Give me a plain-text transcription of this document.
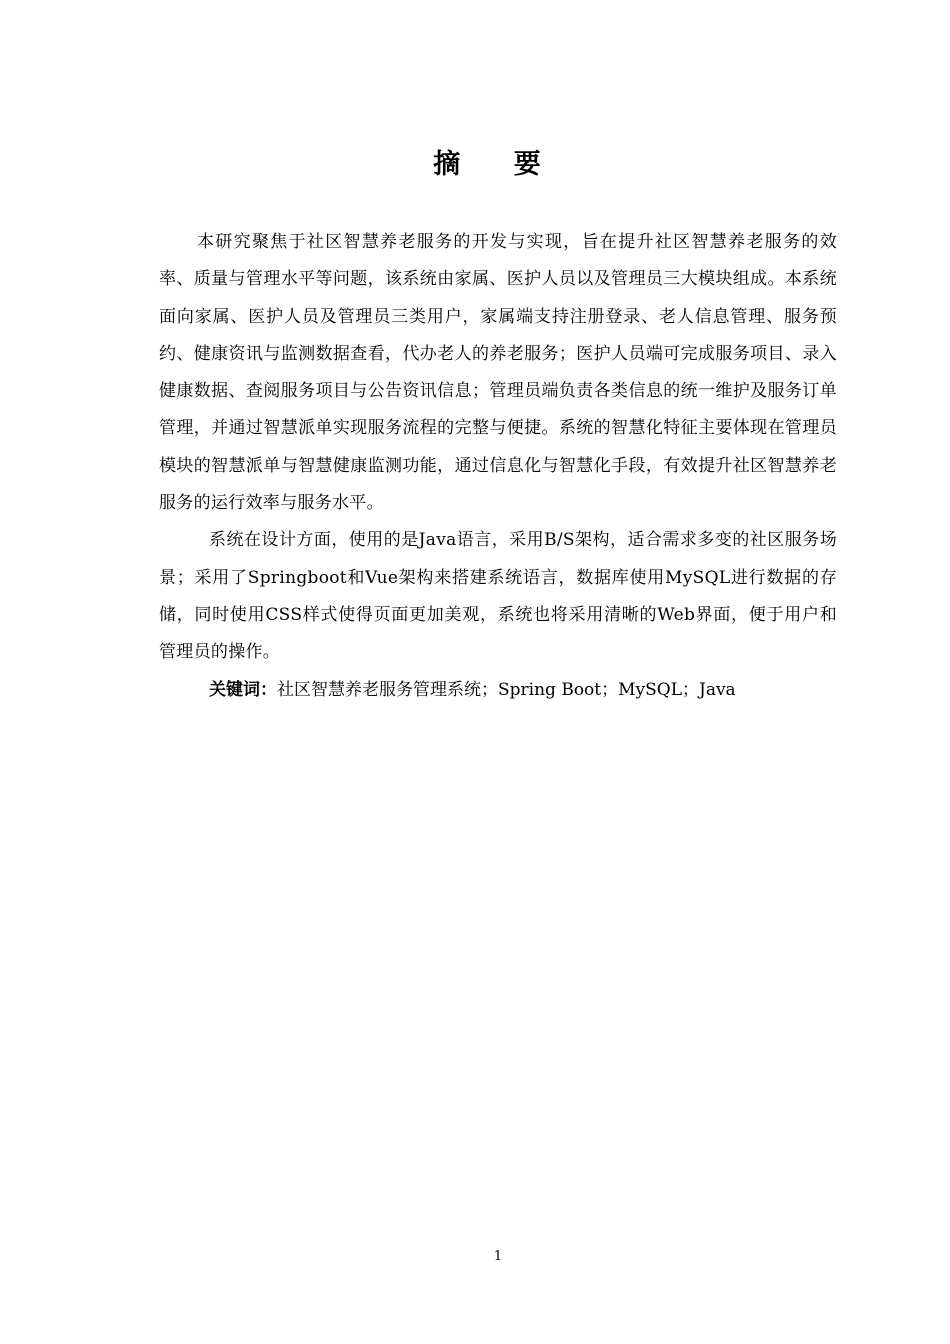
摘 要

本研究聚焦于社区智慧养老服务的开发与实现，旨在提升社区智慧养老服务的效率、质量与管理水平等问题，该系统由家属、医护人员以及管理员三大模块组成。本系统面向家属、医护人员及管理员三类用户，家属端支持注册登录、老人信息管理、服务预约、健康资讯与监测数据查看，代办老人的养老服务；医护人员端可完成服务项目、录入健康数据、查阅服务项目与公告资讯信息；管理员端负责各类信息的统一维护及服务订单管理，并通过智慧派单实现服务流程的完整与便捷。系统的智慧化特征主要体现在管理员模块的智慧派单与智慧健康监测功能，通过信息化与智慧化手段，有效提升社区智慧养老服务的运行效率与服务水平。

系统在设计方面，使用的是Java语言，采用B/S架构，适合需求多变的社区服务场景；采用了Springboot和Vue架构来搭建系统语言，数据库使用MySQL进行数据的存储，同时使用CSS样式使得页面更加美观，系统也将采用清晰的Web界面，便于用户和管理员的操作。

关键词：社区智慧养老服务管理系统；Spring Boot；MySQL；Java

1
